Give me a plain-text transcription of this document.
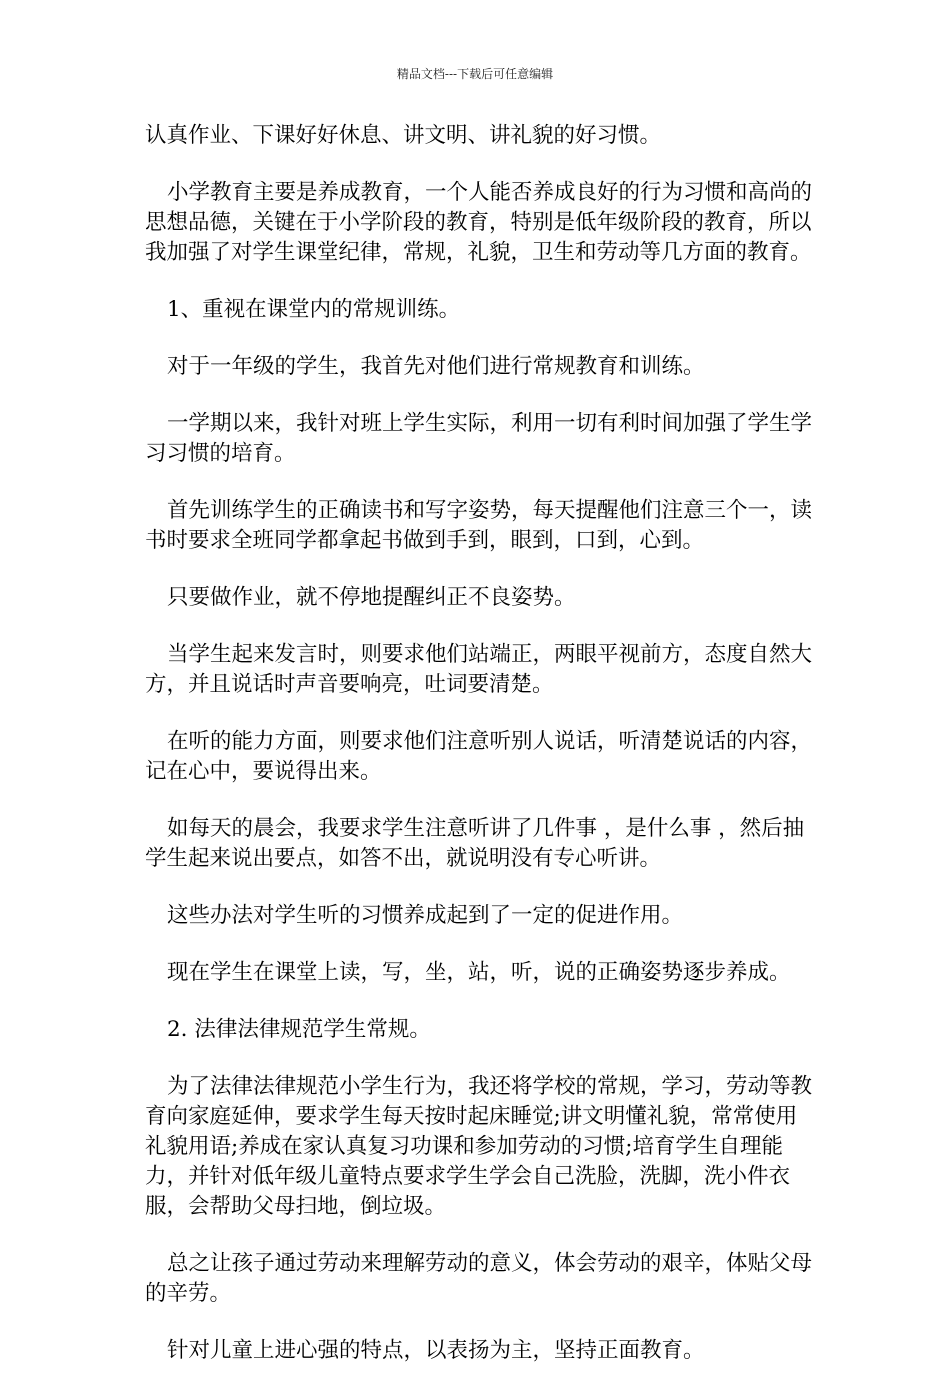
精品文档---下载后可任意编辑

认真作业、下课好好休息、讲文明、讲礼貌的好习惯。

小学教育主要是养成教育，一个人能否养成良好的行为习惯和高尚的思想品德，关键在于小学阶段的教育，特别是低年级阶段的教育，所以我加强了对学生课堂纪律，常规，礼貌，卫生和劳动等几方面的教育。

1、重视在课堂内的常规训练。

对于一年级的学生，我首先对他们进行常规教育和训练。

一学期以来，我针对班上学生实际，利用一切有利时间加强了学生学习习惯的培育。

首先训练学生的正确读书和写字姿势，每天提醒他们注意三个一，读书时要求全班同学都拿起书做到手到，眼到，口到，心到。

只要做作业，就不停地提醒纠正不良姿势。

当学生起来发言时，则要求他们站端正，两眼平视前方，态度自然大方，并且说话时声音要响亮，吐词要清楚。

在听的能力方面，则要求他们注意听别人说话，听清楚说话的内容，记在心中，要说得出来。

如每天的晨会，我要求学生注意听讲了几件事 ，是什么事 ，然后抽学生起来说出要点，如答不出，就说明没有专心听讲。

这些办法对学生听的习惯养成起到了一定的促进作用。

现在学生在课堂上读，写，坐，站，听，说的正确姿势逐步养成。

2. 法律法律规范学生常规。

为了法律法律规范小学生行为，我还将学校的常规，学习，劳动等教育向家庭延伸，要求学生每天按时起床睡觉;讲文明懂礼貌，常常使用礼貌用语;养成在家认真复习功课和参加劳动的习惯;培育学生自理能力，并针对低年级儿童特点要求学生学会自己洗脸，洗脚，洗小件衣服，会帮助父母扫地，倒垃圾。

总之让孩子通过劳动来理解劳动的意义，体会劳动的艰辛，体贴父母的辛劳。

针对儿童上进心强的特点，以表扬为主，坚持正面教育。
